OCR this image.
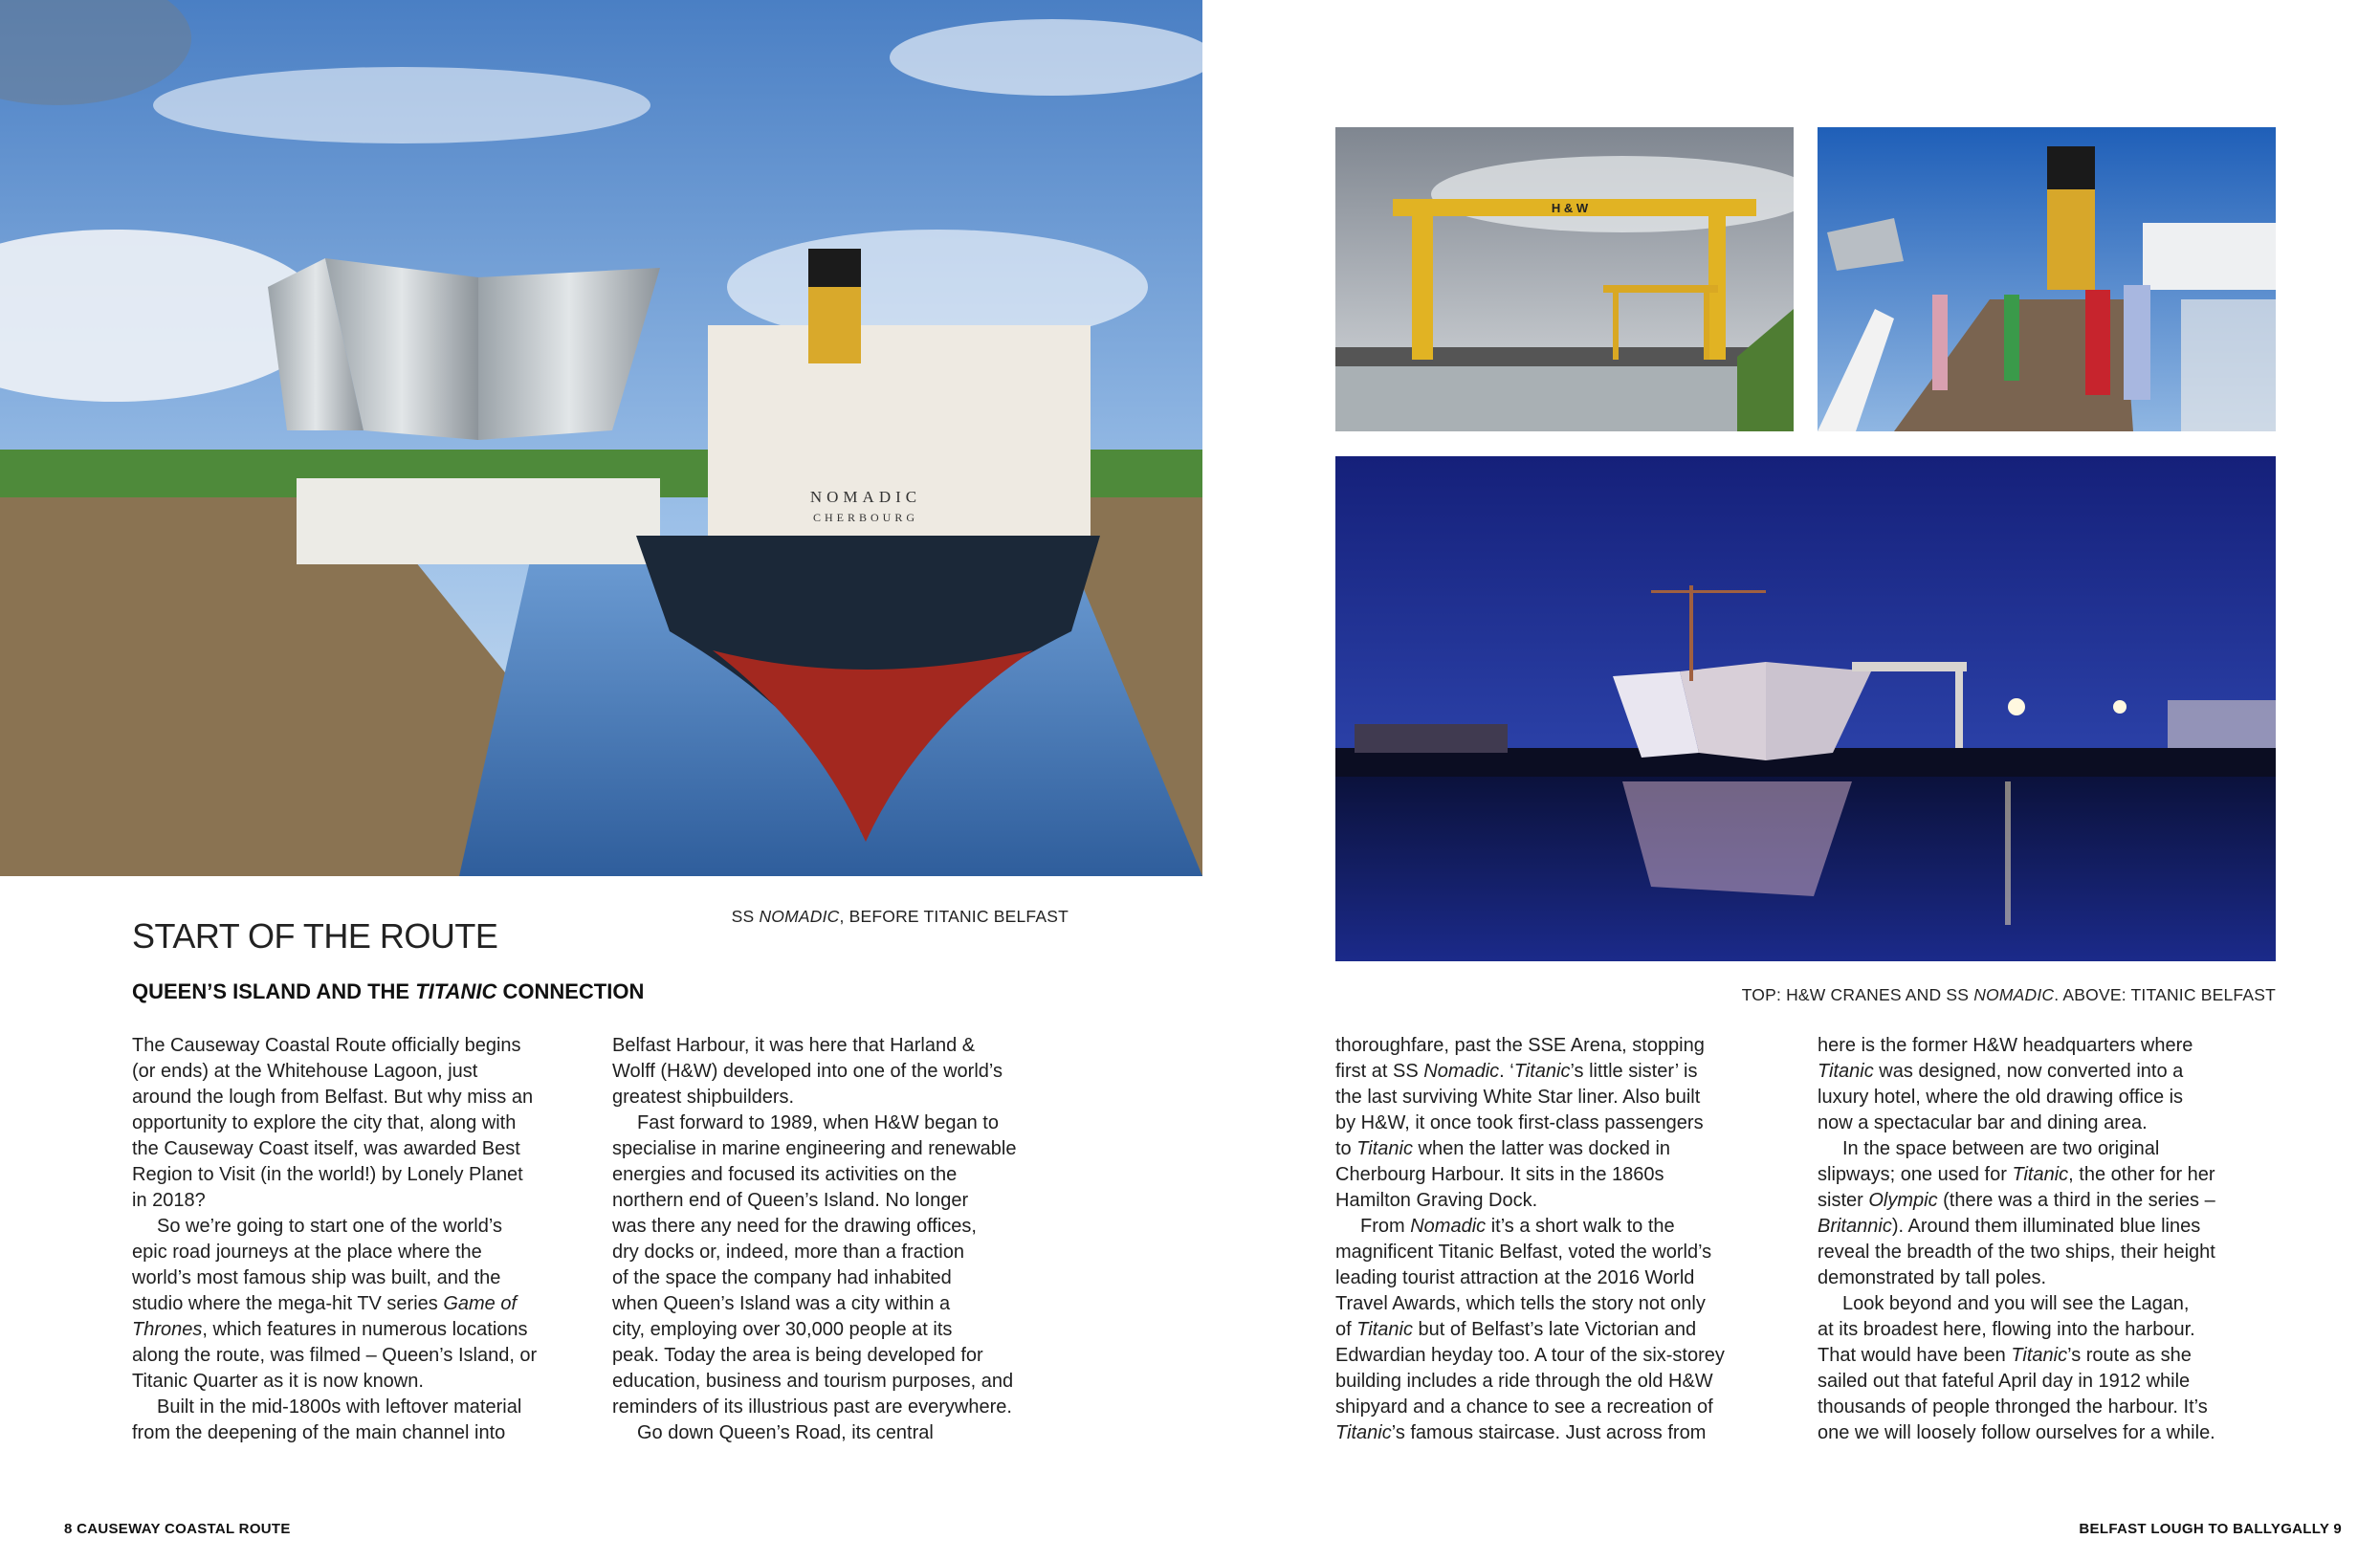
NOMADIC
CHERBOURG
H & W
SS NOMADIC, BEFORE TITANIC BELFAST
START OF THE ROUTE
QUEEN’S ISLAND AND THE TITANIC CONNECTION
The Causeway Coastal Route officially begins
(or ends) at the Whitehouse Lagoon, just
around the lough from Belfast. But why miss an
opportunity to explore the city that, along with
the Causeway Coast itself, was awarded Best
Region to Visit (in the world!) by Lonely Planet
in 2018?
So we’re going to start one of the world’s
epic road journeys at the place where the
world’s most famous ship was built, and the
studio where the mega-hit TV series Game of
Thrones, which features in numerous locations
along the route, was filmed – Queen’s Island, or
Titanic Quarter as it is now known.
Built in the mid-1800s with leftover material
from the deepening of the main channel into
Belfast Harbour, it was here that Harland &
Wolff (H&W) developed into one of the world’s
greatest shipbuilders.
Fast forward to 1989, when H&W began to
specialise in marine engineering and renewable
energies and focused its activities on the
northern end of Queen’s Island. No longer
was there any need for the drawing offices,
dry docks or, indeed, more than a fraction
of the space the company had inhabited
when Queen’s Island was a city within a
city, employing over 30,000 people at its
peak. Today the area is being developed for
education, business and tourism purposes, and
reminders of its illustrious past are everywhere.
Go down Queen’s Road, its central
8 CAUSEWAY COASTAL ROUTE
TOP: H&W CRANES AND SS NOMADIC. ABOVE: TITANIC BELFAST
thoroughfare, past the SSE Arena, stopping
first at SS Nomadic. ‘Titanic’s little sister’ is
the last surviving White Star liner. Also built
by H&W, it once took first-class passengers
to Titanic when the latter was docked in
Cherbourg Harbour. It sits in the 1860s
Hamilton Graving Dock.
From Nomadic it’s a short walk to the
magnificent Titanic Belfast, voted the world’s
leading tourist attraction at the 2016 World
Travel Awards, which tells the story not only
of Titanic but of Belfast’s late Victorian and
Edwardian heyday too. A tour of the six-storey
building includes a ride through the old H&W
shipyard and a chance to see a recreation of
Titanic’s famous staircase. Just across from
here is the former H&W headquarters where
Titanic was designed, now converted into a
luxury hotel, where the old drawing office is
now a spectacular bar and dining area.
In the space between are two original
slipways; one used for Titanic, the other for her
sister Olympic (there was a third in the series –
Britannic). Around them illuminated blue lines
reveal the breadth of the two ships, their height
demonstrated by tall poles.
Look beyond and you will see the Lagan,
at its broadest here, flowing into the harbour.
That would have been Titanic’s route as she
sailed out that fateful April day in 1912 while
thousands of people thronged the harbour. It’s
one we will loosely follow ourselves for a while.
BELFAST LOUGH TO BALLYGALLY 9
